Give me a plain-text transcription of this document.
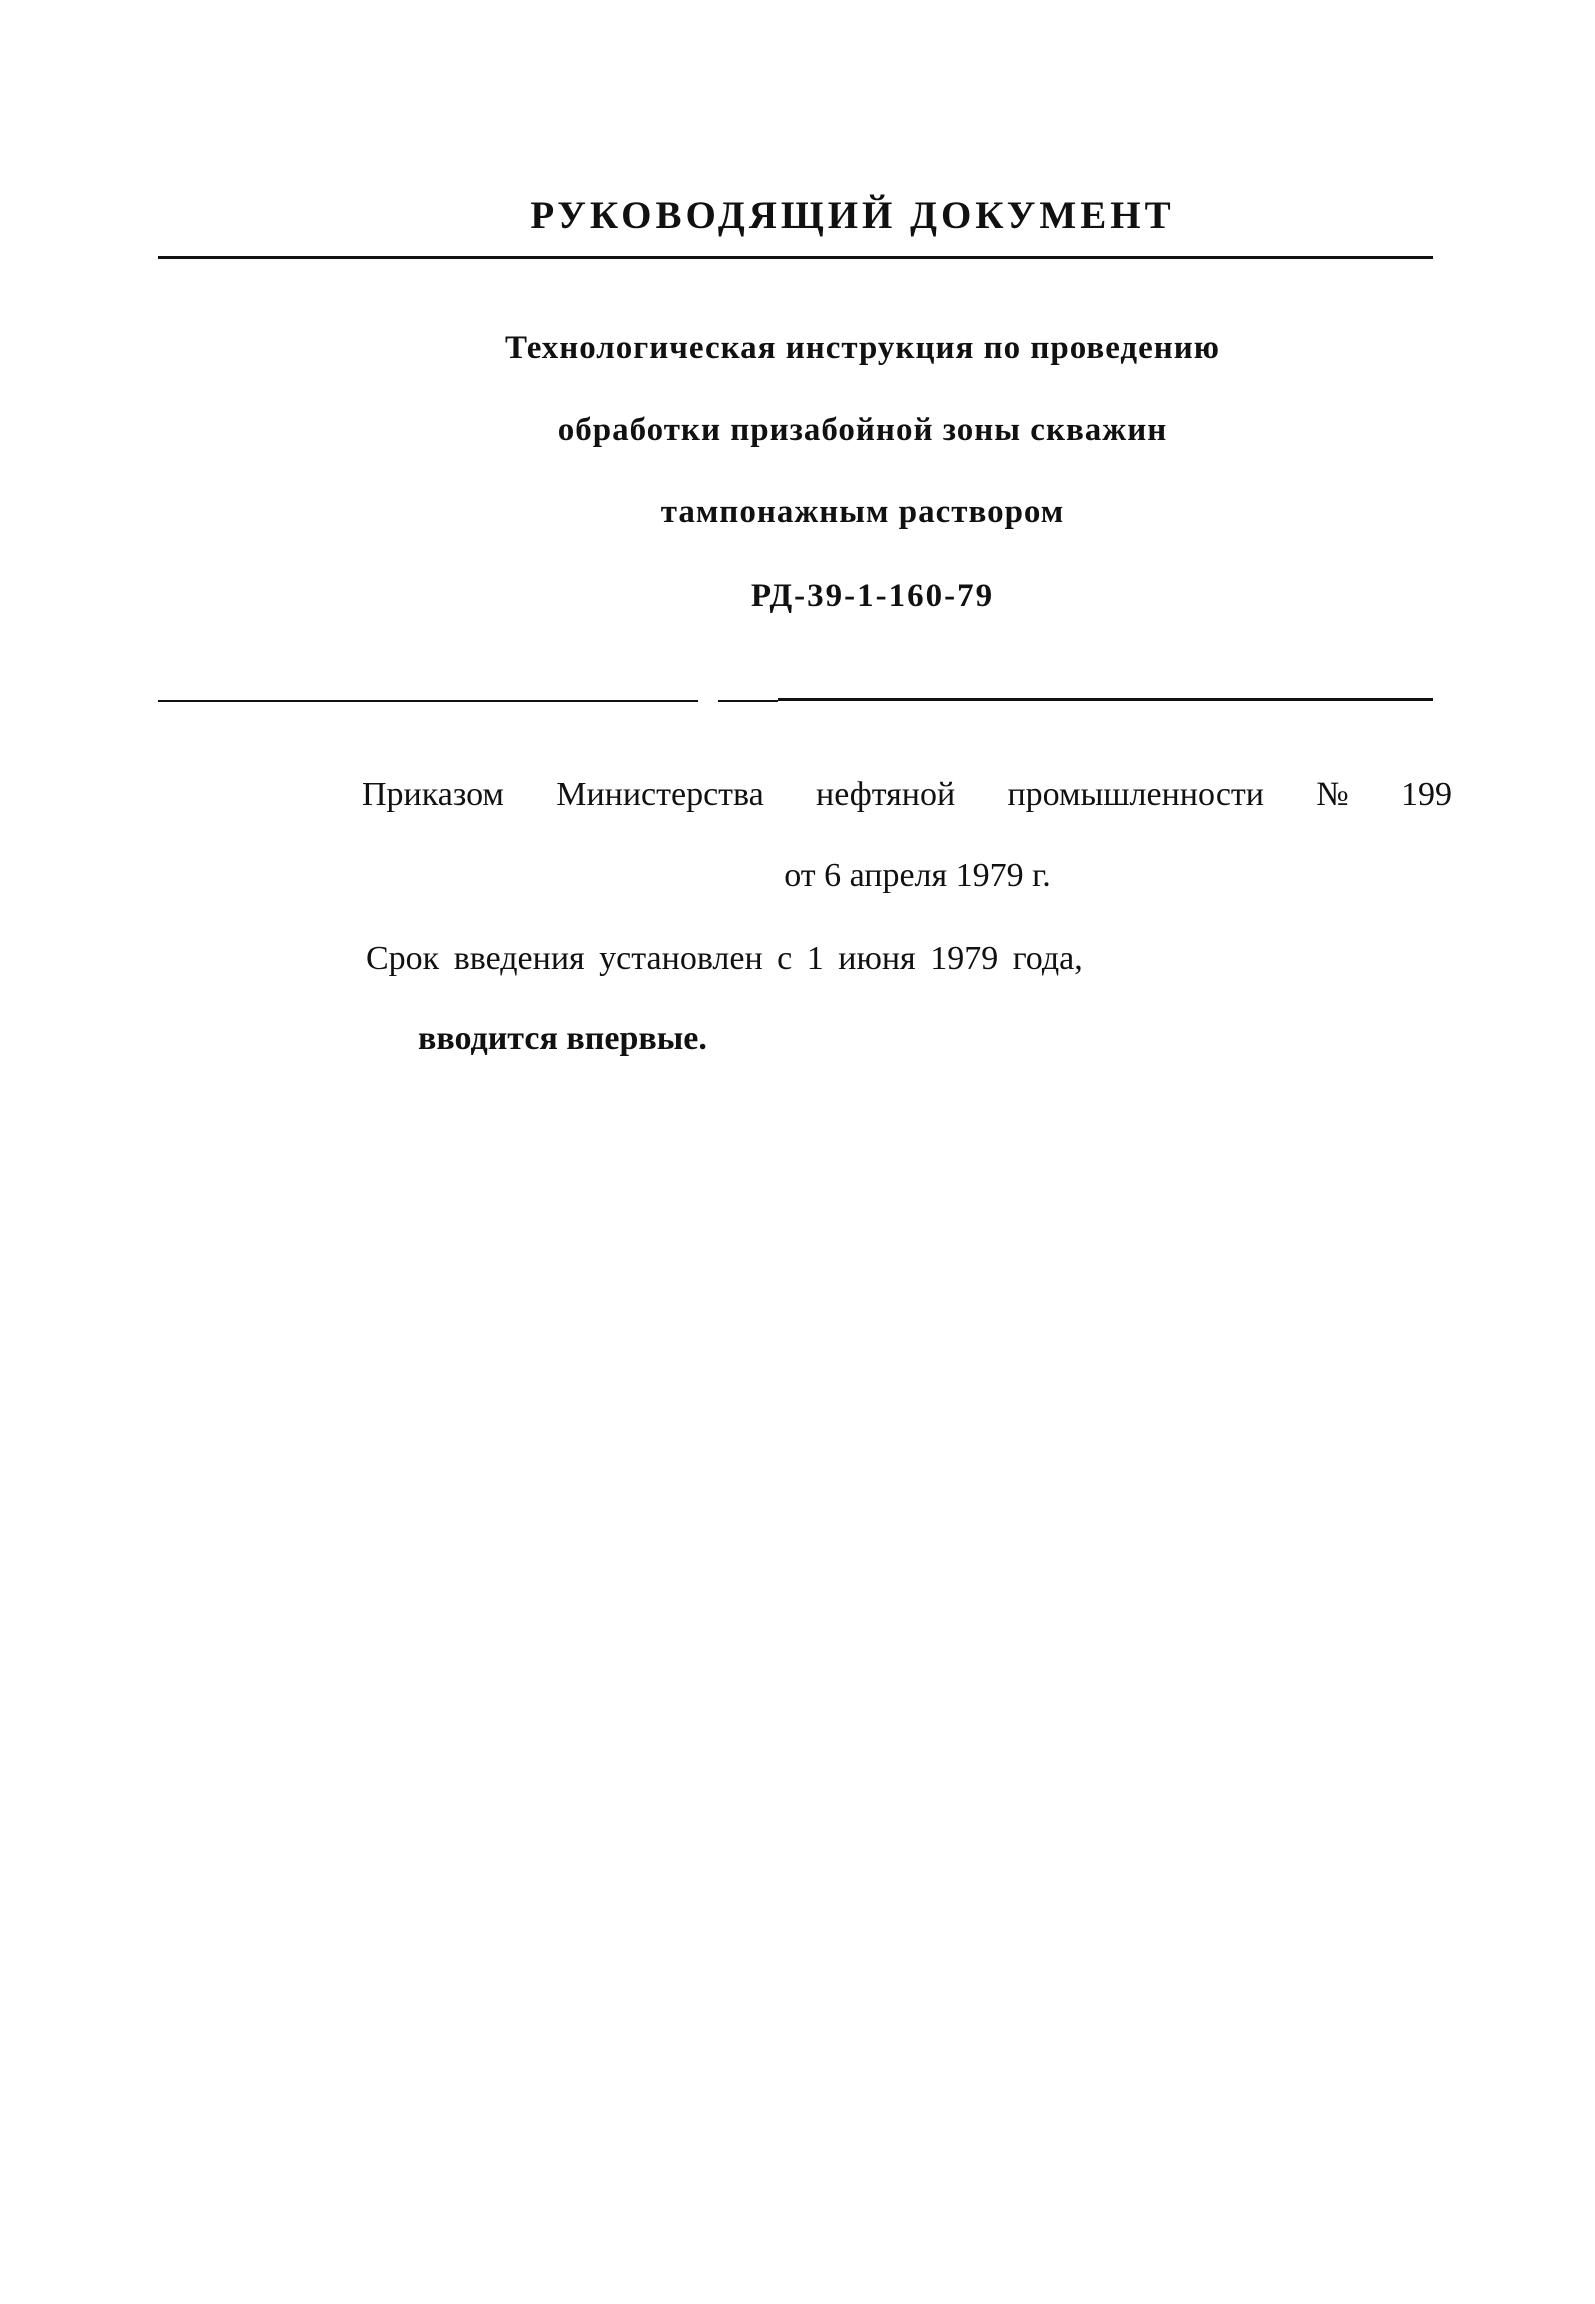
РУКОВОДЯЩИЙ ДОКУМЕНТ
Технологическая инструкция по проведению
обработки призабойной зоны скважин
тампонажным раствором
РД-39-1-160-79
Приказом Министерства нефтяной промышленности № 199
от 6 апреля 1979 г.
Срок введения установлен с 1 июня 1979 года,
вводится впервые.
